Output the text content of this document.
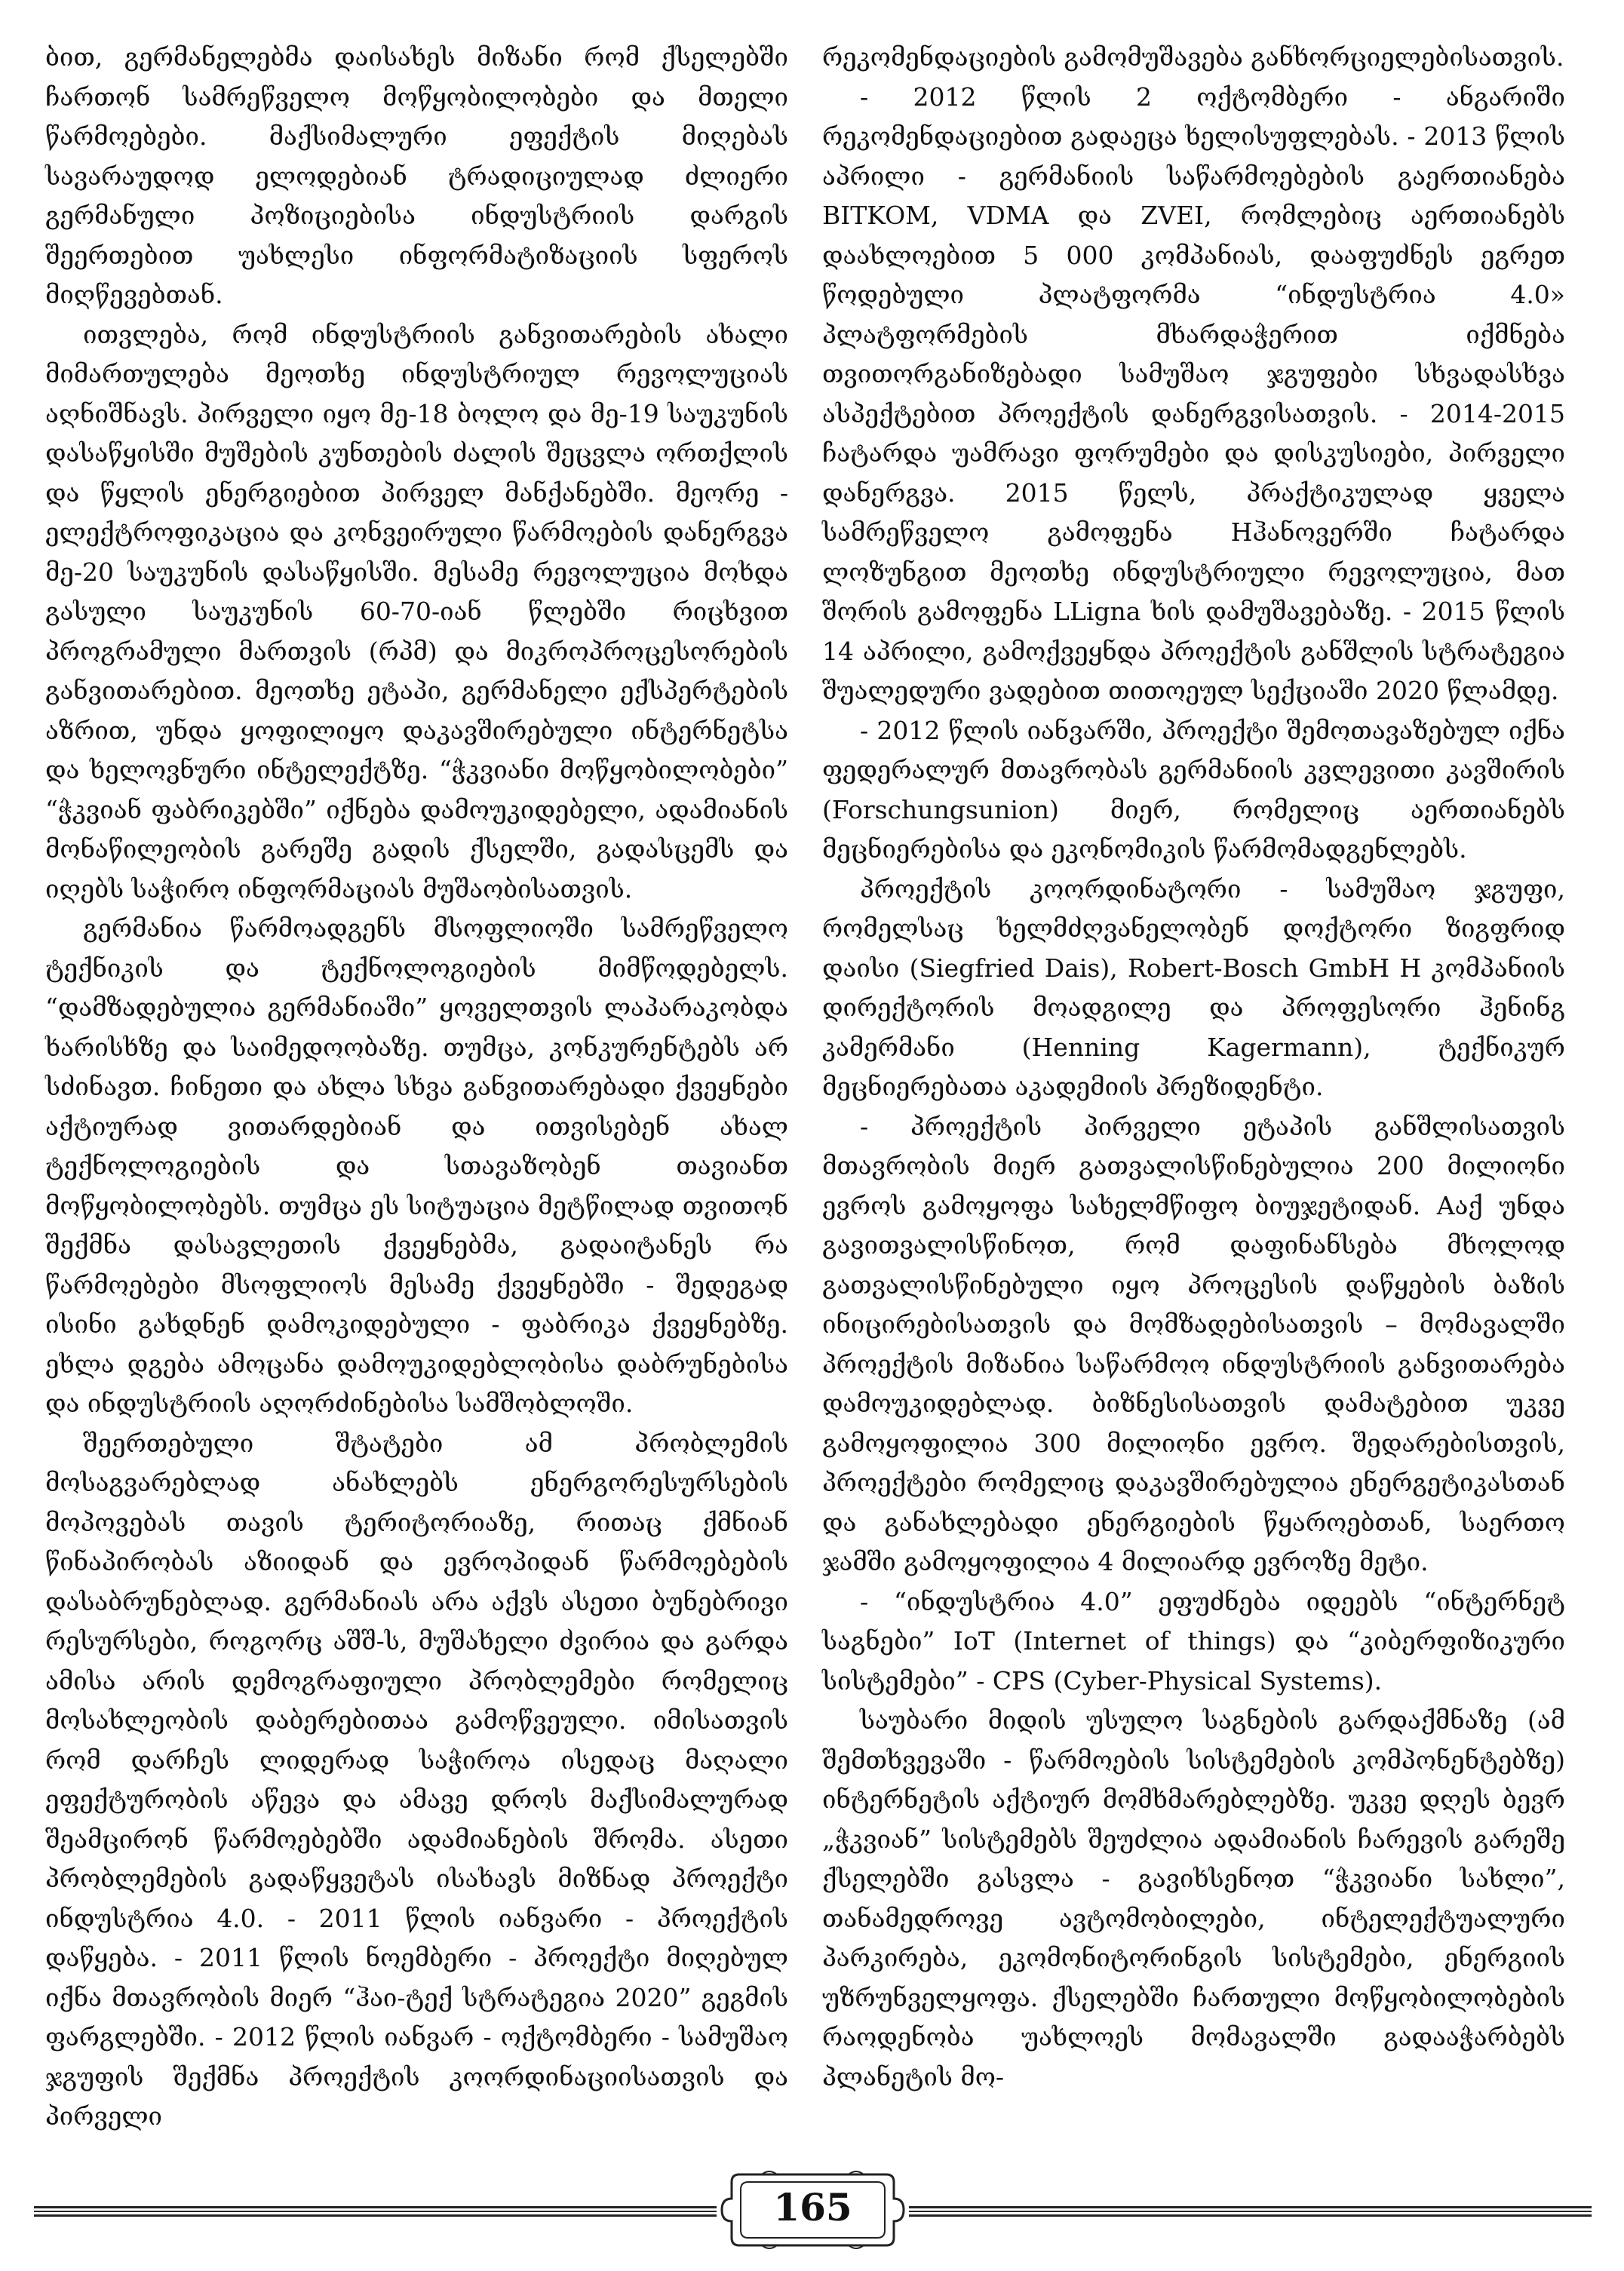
ბით, გერმანელებმა დაისახეს მიზანი რომ ქსელებში ჩართონ სამრეწველო მოწყობილობები და მთელი წარმოებები. მაქსიმალური ეფექტის მიღებას სავარაუდოდ ელოდებიან ტრადიციულად ძლიერი გერმანული პოზიციებისა ინდუსტრიის დარგის შეერთებით უახლესი ინფორმატიზაციის სფეროს მიღწევებთან.

ითვლება, რომ ინდუსტრიის განვითარების ახალი მიმართულება მეოთხე ინდუსტრიულ რევოლუციას აღნიშნავს. პირველი იყო მე-18 ბოლო და მე-19 საუკუნის დასაწყისში მუშების კუნთების ძალის შეცვლა ორთქლის და წყლის ენერგიებით პირველ მანქანებში. მეორე - ელექტროფიკაცია და კონვეირული წარმოების დანერგვა მე-20 საუკუნის დასაწყისში. მესამე რევოლუცია მოხდა გასული საუკუნის 60-70-იან წლებში რიცხვით პროგრამული მართვის (რპმ) და მიკროპროცესორების განვითარებით. მეოთხე ეტაპი, გერმანელი ექსპერტების აზრით, უნდა ყოფილიყო დაკავშირებული ინტერნეტსა და ხელოვნური ინტელექტზე. “ჭკვიანი მოწყობილობები” “ჭკვიან ფაბრიკებში” იქნება დამოუკიდებელი, ადამიანის მონაწილეობის გარეშე გადის ქსელში, გადასცემს და იღებს საჭირო ინფორმაციას მუშაობისათვის.

გერმანია წარმოადგენს მსოფლიოში სამრეწველო ტექნიკის და ტექნოლოგიების მიმწოდებელს. “დამზადებულია გერმანიაში” ყოველთვის ლაპარაკობდა ხარისხზე და საიმედოობაზე. თუმცა, კონკურენტებს არ სძინავთ. ჩინეთი და ახლა სხვა განვითარებადი ქვეყნები აქტიურად ვითარდებიან და ითვისებენ ახალ ტექნოლოგიების და სთავაზობენ თავიანთ მოწყობილობებს. თუმცა ეს სიტუაცია მეტწილად თვითონ შექმნა დასავლეთის ქვეყნებმა, გადაიტანეს რა წარმოებები მსოფლიოს მესამე ქვეყნებში - შედეგად ისინი გახდნენ დამოკიდებული - ფაბრიკა ქვეყნებზე. ეხლა დგება ამოცანა დამოუკიდებლობისა დაბრუნებისა და ინდუსტრიის აღორძინებისა სამშობლოში.

შეერთებული შტატები ამ პრობლემის მოსაგვარებლად ანახლებს ენერგორესურსების მოპოვებას თავის ტერიტორიაზე, რითაც ქმნიან წინაპირობას აზიიდან და ევროპიდან წარმოებების დასაბრუნებლად. გერმანიას არა აქვს ასეთი ბუნებრივი რესურსები, როგორც აშშ-ს, მუშახელი ძვირია და გარდა ამისა არის დემოგრაფიული პრობლემები რომელიც მოსახლეობის დაბერებითაა გამოწვეული. იმისათვის რომ დარჩეს ლიდერად საჭიროა ისედაც მაღალი ეფექტურობის აწევა და ამავე დროს მაქსიმალურად შეამცირონ წარმოებებში ადამიანების შრომა. ასეთი პრობლემების გადაწყვეტას ისახავს მიზნად პროექტი ინდუსტრია 4.0. - 2011 წლის იანვარი - პროექტის დაწყება. - 2011 წლის ნოემბერი - პროექტი მიღებულ იქნა მთავრობის მიერ “ჰაი-ტექ სტრატეგია 2020” გეგმის ფარგლებში. - 2012 წლის იანვარ - ოქტომბერი - სამუშაო ჯგუფის შექმნა პროექტის კოორდინაციისათვის და პირველი

რეკომენდაციების გამომუშავება განხორციელებისათვის.

- 2012 წლის 2 ოქტომბერი - ანგარიში რეკომენდაციებით გადაეცა ხელისუფლებას. - 2013 წლის აპრილი - გერმანიის საწარმოებების გაერთიანება BITKOM, VDMA და ZVEI, რომლებიც აერთიანებს დაახლოებით 5 000 კომპანიას, დააფუძნეს ეგრეთ წოდებული პლატფორმა “ინდუსტრია 4.0» პლატფორმების მხარდაჭერით იქმნება თვითორგანიზებადი სამუშაო ჯგუფები სხვადასხვა ასპექტებით პროექტის დანერგვისათვის. - 2014-2015 ჩატარდა უამრავი ფორუმები და დისკუსიები, პირველი დანერგვა. 2015 წელს, პრაქტიკულად ყველა სამრეწველო გამოფენა Hჰანოვერში ჩატარდა ლოზუნგით მეოთხე ინდუსტრიული რევოლუცია, მათ შორის გამოფენა LLigna ხის დამუშავებაზე. - 2015 წლის 14 აპრილი, გამოქვეყნდა პროექტის განშლის სტრატეგია შუალედური ვადებით თითოეულ სექციაში 2020 წლამდე.

- 2012 წლის იანვარში, პროექტი შემოთავაზებულ იქნა ფედერალურ მთავრობას გერმანიის კვლევითი კავშირის (Forschungsunion) მიერ, რომელიც აერთიანებს მეცნიერებისა და ეკონომიკის წარმომადგენლებს.

პროექტის კოორდინატორი - სამუშაო ჯგუფი, რომელსაც ხელმძღვანელობენ დოქტორი ზიგფრიდ დაისი (Siegfried Dais), Robert-Bosch GmbH H კომპანიის დირექტორის მოადგილე და პროფესორი ჰენინგ კამერმანი (Henning Kagermann), ტექნიკურ მეცნიერებათა აკადემიის პრეზიდენტი.

- პროექტის პირველი ეტაპის განშლისათვის მთავრობის მიერ გათვალისწინებულია 200 მილიონი ევროს გამოყოფა სახელმწიფო ბიუჯეტიდან. Aაქ უნდა გავითვალისწინოთ, რომ დაფინანსება მხოლოდ გათვალისწინებული იყო პროცესის დაწყების ბაზის ინიცირებისათვის და მომზადებისათვის – მომავალში პროექტის მიზანია საწარმოო ინდუსტრიის განვითარება დამოუკიდებლად. ბიზნესისათვის დამატებით უკვე გამოყოფილია 300 მილიონი ევრო. შედარებისთვის, პროექტები რომელიც დაკავშირებულია ენერგეტიკასთან და განახლებადი ენერგიების წყაროებთან, საერთო ჯამში გამოყოფილია 4 მილიარდ ევროზე მეტი.

- “ინდუსტრია 4.0” ეფუძნება იდეებს “ინტერნეტ საგნები” IoT (Internet of things) და “კიბერფიზიკური სისტემები” - CPS (Cyber-Physical Systems).

საუბარი მიდის უსულო საგნების გარდაქმნაზე (ამ შემთხვევაში - წარმოების სისტემების კომპონენტებზე) ინტერნეტის აქტიურ მომხმარებლებზე. უკვე დღეს ბევრ „ჭკვიან” სისტემებს შეუძლია ადამიანის ჩარევის გარეშე ქსელებში გასვლა - გავიხსენოთ “ჭკვიანი სახლი”, თანამედროვე ავტომობილები, ინტელექტუალური პარკირება, ეკომონიტორინგის სისტემები, ენერგიის უზრუნველყოფა. ქსელებში ჩართული მოწყობილობების რაოდენობა უახლოეს მომავალში გადააჭარბებს პლანეტის მო-

165
